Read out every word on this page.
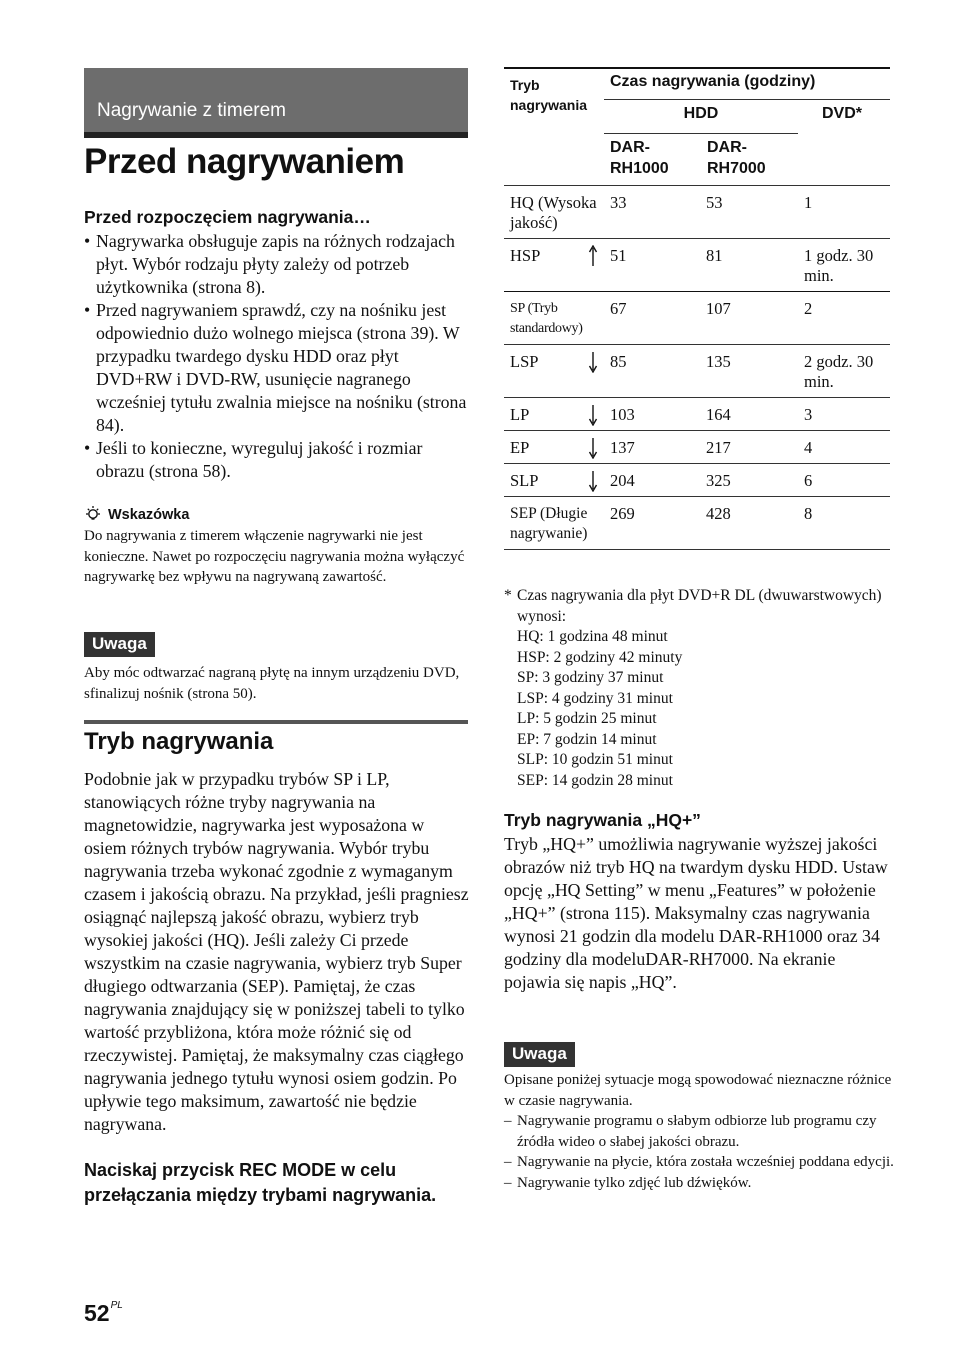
Nagrywanie z timerem
Przed nagrywaniem
Przed rozpoczęciem nagrywania…
• Nagrywarka obsługuje zapis na różnych rodzajach płyt. Wybór rodzaju płyty zależy od potrzeb użytkownika (strona 8).
• Przed nagrywaniem sprawdź, czy na nośniku jest odpowiednio dużo wolnego miejsca (strona 39). W przypadku twardego dysku HDD oraz płyt DVD+RW i DVD-RW, usunięcie nagranego wcześniej tytułu zwalnia miejsce na nośniku (strona 84).
• Jeśli to konieczne, wyreguluj jakość i rozmiar obrazu (strona 58).
Wskazówka
Do nagrywania z timerem włączenie nagrywarki nie jest konieczne. Nawet po rozpoczęciu nagrywania można wyłączyć nagrywarkę bez wpływu na nagrywaną zawartość.
Uwaga
Aby móc odtwarzać nagraną płytę na innym urządzeniu DVD, sfinalizuj nośnik (strona 50).
Tryb nagrywania
Podobnie jak w przypadku trybów SP i LP, stanowiących różne tryby nagrywania na magnetowidzie, nagrywarka jest wyposażona w osiem różnych trybów nagrywania. Wybór trybu nagrywania trzeba wykonać zgodnie z wymaganym czasem i jakością obrazu. Na przykład, jeśli pragniesz osiągnąć najlepszą jakość obrazu, wybierz tryb wysokiej jakości (HQ). Jeśli zależy Ci przede wszystkim na czasie nagrywania, wybierz tryb Super długiego odtwarzania (SEP). Pamiętaj, że czas nagrywania znajdujący się w poniższej tabeli to tylko wartość przybliżona, która może różnić się od rzeczywistej. Pamiętaj, że maksymalny czas ciągłego nagrywania jednego tytułu wynosi osiem godzin. Po upływie tego maksimum, zawartość nie będzie nagrywana.
Naciskaj przycisk REC MODE w celu przełączania między trybami nagrywania.
Tryb nagrywania
Czas nagrywania (godziny)
HDD	DVD*
DAR-RH1000
DAR-RH7000
HQ (Wysoka jakość)	33	53	1
HSP	51	81	1 godz. 30 min.
SP (Tryb standardowy)	67	107	2
LSP	85	135	2 godz. 30 min.
LP	103	164	3
EP	137	217	4
SLP	204	325	6
SEP (Długie nagrywanie)	269	428	8
* Czas nagrywania dla płyt DVD+R DL (dwuwarstwowych) wynosi:
HQ: 1 godzina 48 minut
HSP: 2 godziny 42 minuty
SP: 3 godziny 37 minut
LSP: 4 godziny 31 minut
LP: 5 godzin 25 minut
EP: 7 godzin 14 minut
SLP: 10 godzin 51 minut
SEP: 14 godzin 28 minut
Tryb nagrywania „HQ+”
Tryb „HQ+” umożliwia nagrywanie wyższej jakości obrazów niż tryb HQ na twardym dysku HDD. Ustaw opcję „HQ Setting” w menu „Features” w położenie „HQ+” (strona 115). Maksymalny czas nagrywania wynosi 21 godzin dla modelu DAR-RH1000 oraz 34 godziny dla modeluDAR-RH7000. Na ekranie pojawia się napis „HQ”.
Uwaga
Opisane poniżej sytuacje mogą spowodować nieznaczne różnice w czasie nagrywania.
– Nagrywanie programu o słabym odbiorze lub programu czy źródła wideo o słabej jakości obrazu.
– Nagrywanie na płycie, która została wcześniej poddana edycji.
– Nagrywanie tylko zdjęć lub dźwięków.
$52^{PL}$
